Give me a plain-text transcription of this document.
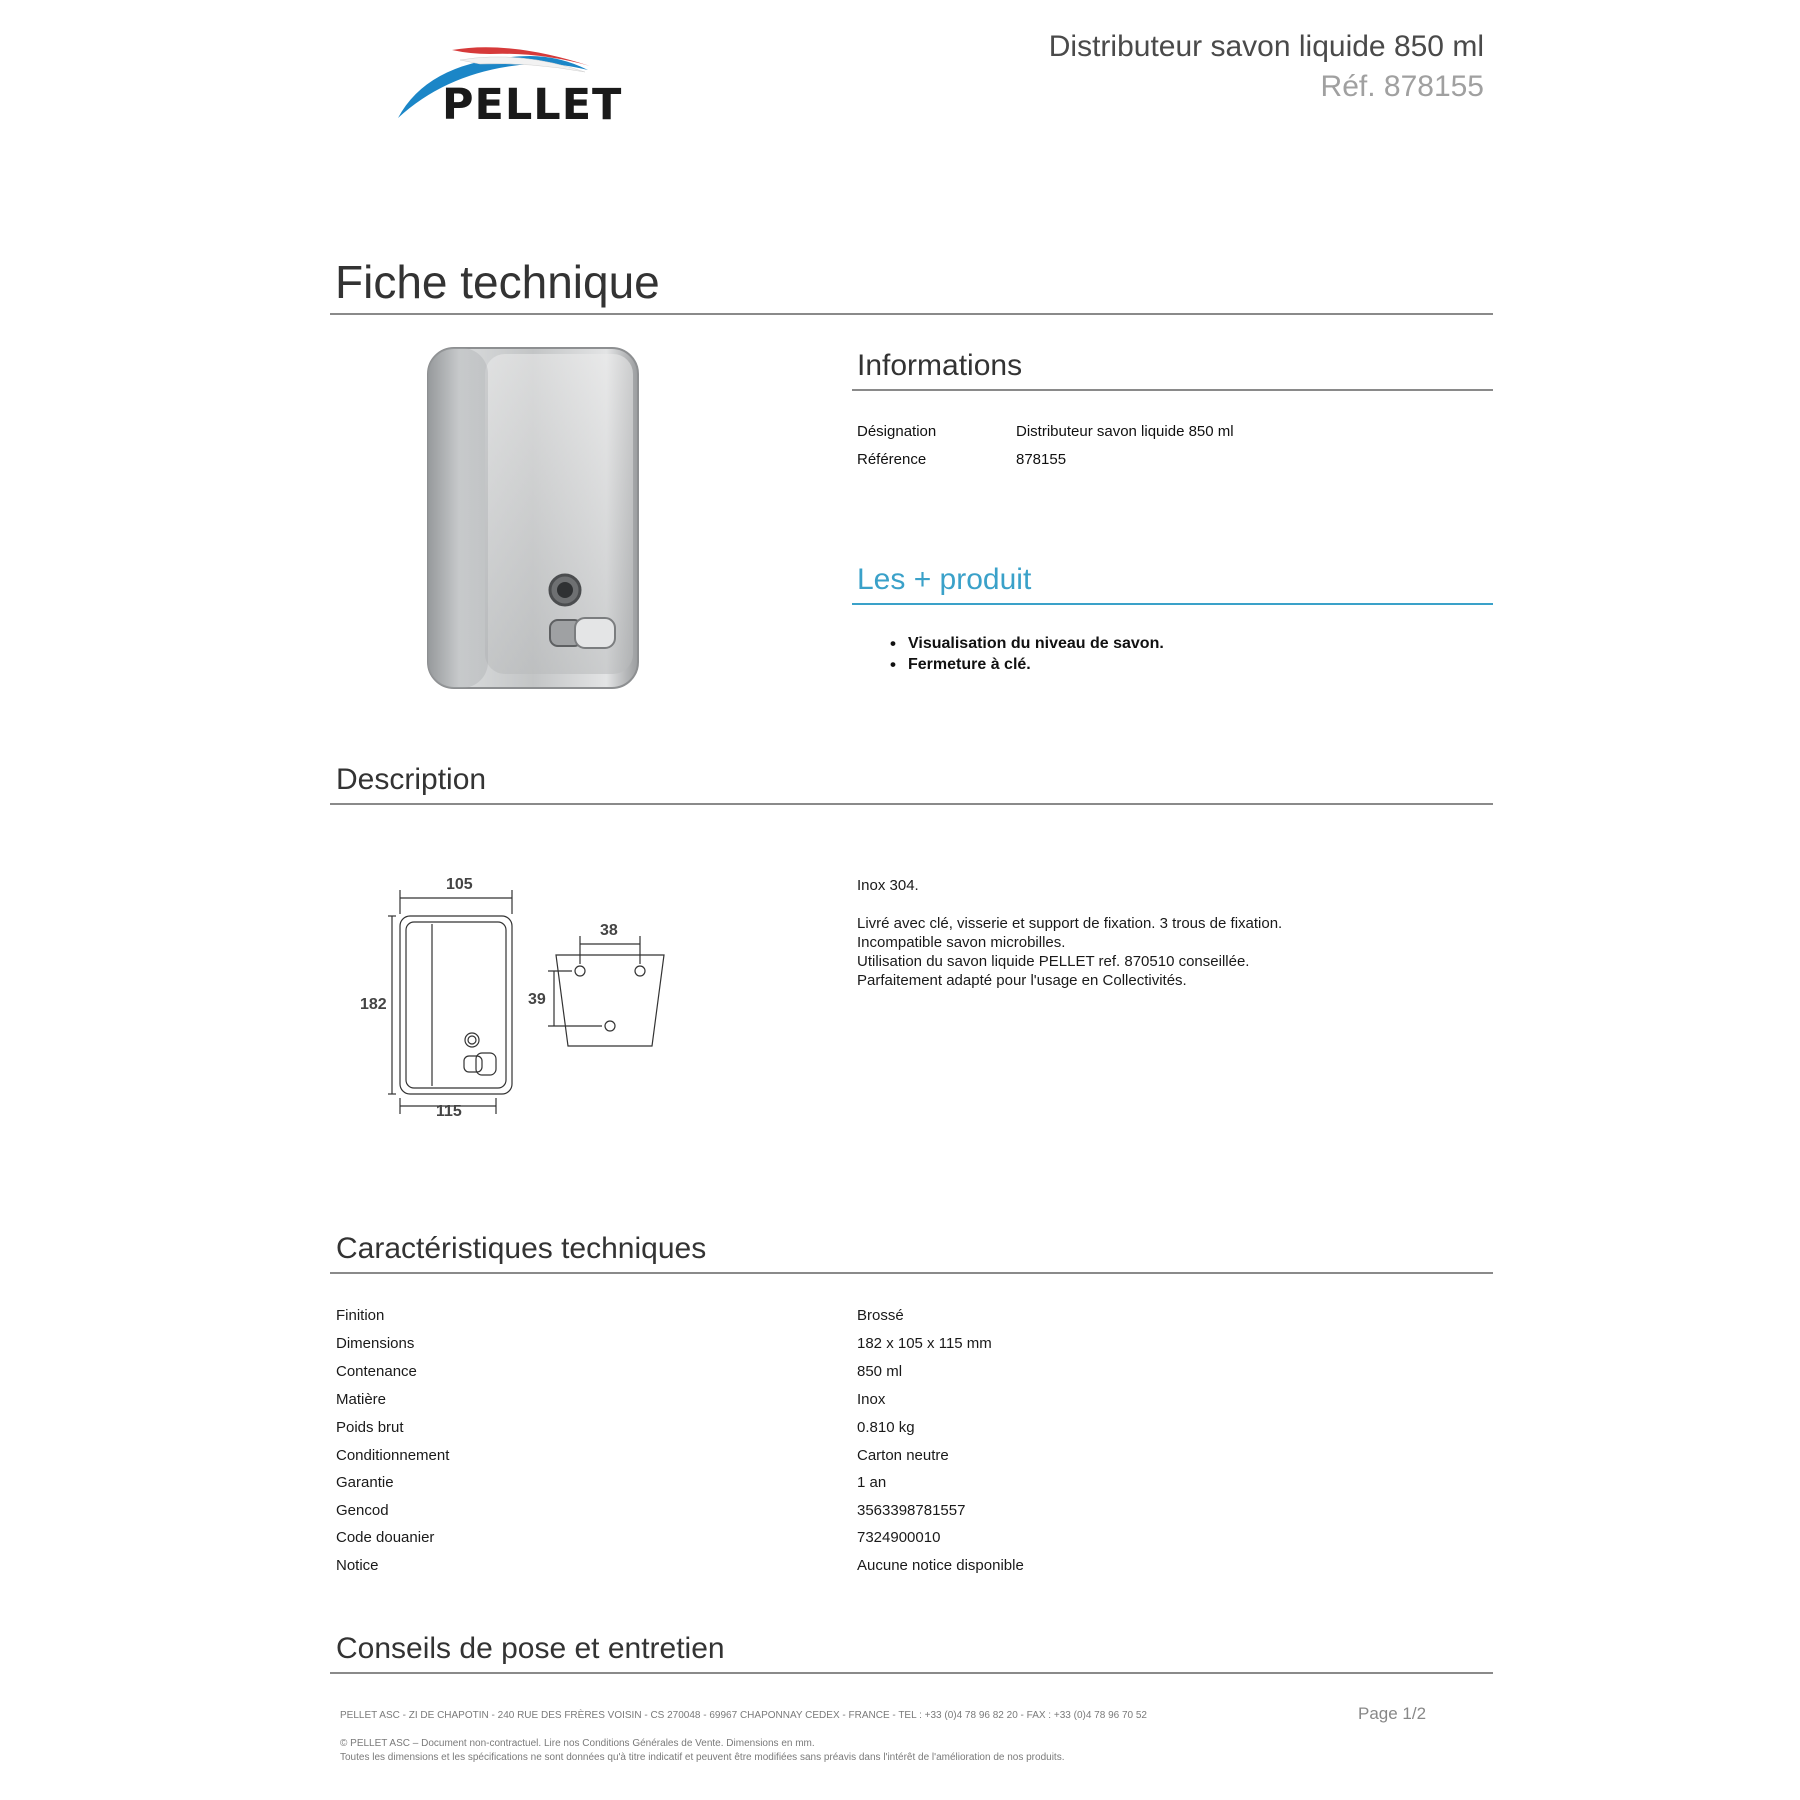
PELLET
Distributeur savon liquide 850 ml
Réf. 878155
Fiche technique
Informations
Désignation	Distributeur savon liquide 850 ml
Référence	878155
Les + produit
• Visualisation du niveau de savon.
• Fermeture à clé.
Description
105
182
115
38
39
Inox 304.
Livré avec clé, visserie et support de fixation. 3 trous de fixation.
Incompatible savon microbilles.
Utilisation du savon liquide PELLET ref. 870510 conseillée.
Parfaitement adapté pour l'usage en Collectivités.
Caractéristiques techniques
Finition	Brossé
Dimensions	182 x 105 x 115 mm
Contenance	850 ml
Matière	Inox
Poids brut	0.810 kg
Conditionnement	Carton neutre
Garantie	1 an
Gencod	3563398781557
Code douanier	7324900010
Notice	Aucune notice disponible
Conseils de pose et entretien
PELLET ASC - ZI DE CHAPOTIN - 240 RUE DES FRÈRES VOISIN - CS 270048 - 69967 CHAPONNAY CEDEX - FRANCE - TEL : +33 (0)4 78 96 82 20 - FAX : +33 (0)4 78 96 70 52	Page 1/2
© PELLET ASC – Document non-contractuel. Lire nos Conditions Générales de Vente. Dimensions en mm.
Toutes les dimensions et les spécifications ne sont données qu'à titre indicatif et peuvent être modifiées sans préavis dans l'intérêt de l'amélioration de nos produits.
